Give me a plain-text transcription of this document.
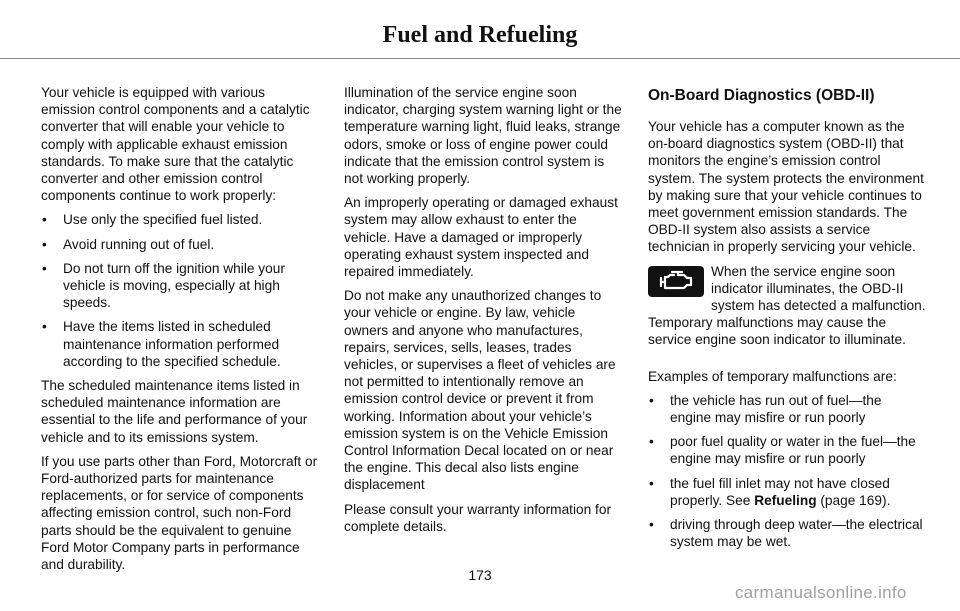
Fuel and Refueling

Your vehicle is equipped with various emission control components and a catalytic converter that will enable your vehicle to comply with applicable exhaust emission standards. To make sure that the catalytic converter and other emission control components continue to work properly:

• Use only the specified fuel listed.
• Avoid running out of fuel.
• Do not turn off the ignition while your vehicle is moving, especially at high speeds.
• Have the items listed in scheduled maintenance information performed according to the specified schedule.

The scheduled maintenance items listed in scheduled maintenance information are essential to the life and performance of your vehicle and to its emissions system.

If you use parts other than Ford, Motorcraft or Ford-authorized parts for maintenance replacements, or for service of components affecting emission control, such non-Ford parts should be the equivalent to genuine Ford Motor Company parts in performance and durability.

Illumination of the service engine soon indicator, charging system warning light or the temperature warning light, fluid leaks, strange odors, smoke or loss of engine power could indicate that the emission control system is not working properly.

An improperly operating or damaged exhaust system may allow exhaust to enter the vehicle. Have a damaged or improperly operating exhaust system inspected and repaired immediately.

Do not make any unauthorized changes to your vehicle or engine. By law, vehicle owners and anyone who manufactures, repairs, services, sells, leases, trades vehicles, or supervises a fleet of vehicles are not permitted to intentionally remove an emission control device or prevent it from working. Information about your vehicle’s emission system is on the Vehicle Emission Control Information Decal located on or near the engine. This decal also lists engine displacement

Please consult your warranty information for complete details.

On-Board Diagnostics (OBD-II)

Your vehicle has a computer known as the on-board diagnostics system (OBD-II) that monitors the engine’s emission control system. The system protects the environment by making sure that your vehicle continues to meet government emission standards. The OBD-II system also assists a service technician in properly servicing your vehicle.

When the service engine soon indicator illuminates, the OBD-II system has detected a malfunction. Temporary malfunctions may cause the service engine soon indicator to illuminate.

Examples of temporary malfunctions are:

• the vehicle has run out of fuel—the engine may misfire or run poorly
• poor fuel quality or water in the fuel—the engine may misfire or run poorly
• the fuel fill inlet may not have closed properly. See Refueling (page 169).
• driving through deep water—the electrical system may be wet.
173
carmanualsonline.info
